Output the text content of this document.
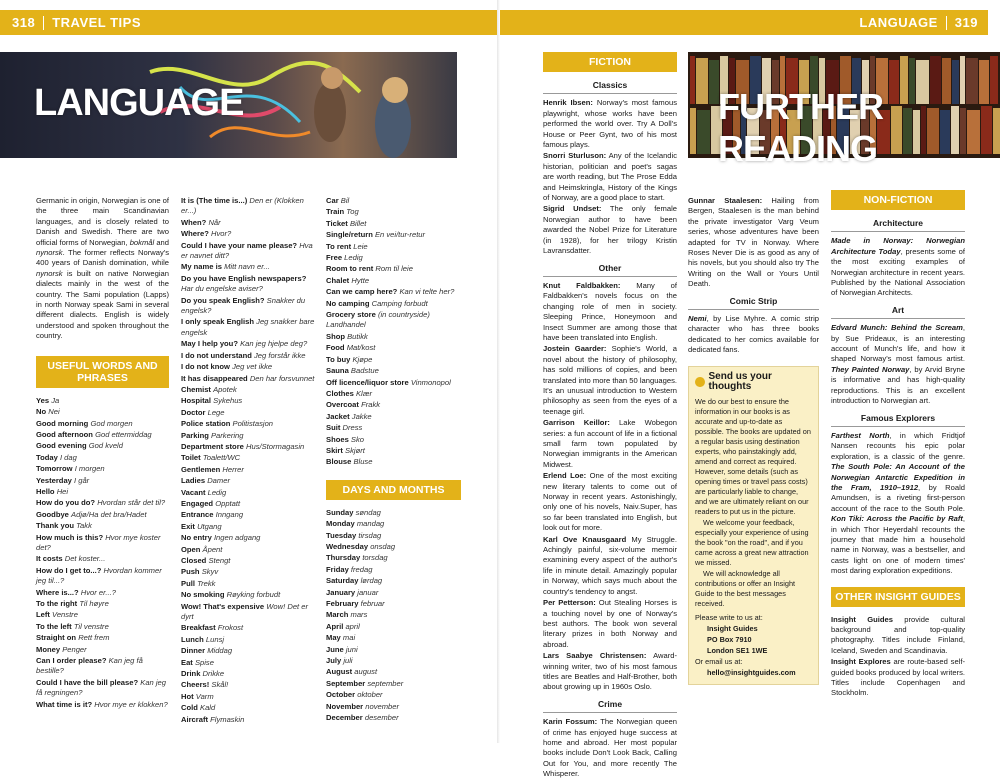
318 TRAVEL TIPS
LANGUAGE

Germanic in origin, Norwegian is one of the three main Scandinavian languages, and is closely related to Danish and Swedish. There are two official forms of Norwegian, bokmål and nynorsk. The former reflects Norway's 400 years of Danish domination, while nynorsk is built on native Norwegian dialects mainly in the west of the country. The Sami population (Lapps) in north Norway speak Sami in several different dialects. English is widely understood and spoken throughout the country.

USEFUL WORDS AND PHRASES

Yes Ja

No Nei

Good morning God morgen

Good afternoon God ettermiddag

Good evening God kveld

Today I dag

Tomorrow I morgen

Yesterday I går

Hello Hei

How do you do? Hvordan står det til?

Goodbye Adjø/Ha det bra/Hadet

Thank you Takk

How much is this? Hvor mye koster det?

It costs Det koster...

How do I get to...? Hvordan kommer jeg til...?

Where is...? Hvor er...?

To the right Til høyre

Left Venstre

To the left Til venstre

Straight on Rett frem

Money Penger

Can I order please? Kan jeg få bestille?

Could I have the bill please? Kan jeg få regningen?

What time is it? Hvor mye er klokken?

It is (The time is...) Den er (Klokken er...)

When? Når

Where? Hvor?

Could I have your name please? Hva er navnet ditt?

My name is Mitt navn er...

Do you have English newspapers? Har du engelske aviser?

Do you speak English? Snakker du engelsk?

I only speak English Jeg snakker bare engelsk

May I help you? Kan jeg hjelpe deg?

I do not understand Jeg forstår ikke

I do not know Jeg vet ikke

It has disappeared Den har forsvunnet

Chemist Apotek

Hospital Sykehus

Doctor Lege

Police station Politistasjon

Parking Parkering

Department store Hus/Stormagasin

Toilet Toalett/WC

Gentlemen Herrer

Ladies Damer

Vacant Ledig

Engaged Opptatt

Entrance Inngang

Exit Utgang

No entry Ingen adgang

Open Åpent

Closed Stengt

Push Skyv

Pull Trekk

No smoking Røyking forbudt

Wow! That's expensive Wow! Det er dyrt

Breakfast Frokost

Lunch Lunsj

Dinner Middag

Eat Spise

Drink Drikke

Cheers! Skål!

Hot Varm

Cold Kald

Aircraft Flymaskin

Car Bil

Train Tog

Ticket Billet

Single/return En vei/tur-retur

To rent Leie

Free Ledig

Room to rent Rom til leie

Chalet Hytte

Can we camp here? Kan vi telte her?

No camping Camping forbudt

Grocery store (in countryside) Landhandel

Shop Butikk

Food Mat/kost

To buy Kjøpe

Sauna Badstue

Off licence/liquor store Vinmonopol

Clothes Klær

Overcoat Frakk

Jacket Jakke

Suit Dress

Shoes Sko

Skirt Skjørt

Blouse Bluse

DAYS AND MONTHS

Sunday søndag

Monday mandag

Tuesday tirsdag

Wednesday onsdag

Thursday torsdag

Friday fredag

Saturday lørdag

January januar

February februar

March mars

April april

May mai

June juni

July juli

August august

September september

October oktober

November november

December desember

LANGUAGE 319
FICTION
Classics

Henrik Ibsen: Norway's most famous playwright, whose works have been performed the world over. Try A Doll's House or Peer Gynt, two of his most famous plays.

Snorri Sturluson: Any of the Icelandic historian, politician and poet's sagas are worth reading, but The Prose Edda and Heimskringla, History of the Kings of Norway, are a good place to start.

Sigrid Undset: The only female Norwegian author to have been awarded the Nobel Prize for Literature (in 1928), for her trilogy Kristin Lavransdatter.

Other

Knut Faldbakken: Many of Faldbakken's novels focus on the changing role of men in society. Sleeping Prince, Honeymoon and Insect Summer are among those that have been translated into English.

Jostein Gaarder: Sophie's World, a novel about the history of philosophy, has sold millions of copies, and been translated into more than 50 languages. It's an unusual introduction to Western philosophy as seen from the eyes of a teenage girl.

Garrison Keillor: Lake Wobegon series: a fun account of life in a fictional small farm town populated by Norwegian immigrants in the American Midwest.

Erlend Loe: One of the most exciting new literary talents to come out of Norway in recent years. Astonishingly, only one of his novels, Naiv.Super, has so far been translated into English, but look out for more.

Karl Ove Knausgaard My Struggle. Achingly painful, six-volume memoir examining every aspect of the author's life in minute detail. Amazingly popular in Norway, which says much about the country's tendency to angst.

Per Petterson: Out Stealing Horses is a touching novel by one of Norway's best authors. The book won several literary prizes in both Norway and abroad.

Lars Saabye Christensen: Award-winning writer, two of his most famous titles are Beatles and Half-Brother, both about growing up in 1960s Oslo.

Crime

Karin Fossum: The Norwegian queen of crime has enjoyed huge success at home and abroad. Her most popular books include Don't Look Back, Calling Out for You, and more recently The Whisperer.

FURTHER READING

Gunnar Staalesen: Hailing from Bergen, Staalesen is the man behind the private investigator Varg Veum series, whose adventures have been adapted for TV in Norway. Where Roses Never Die is as good as any of his novels, but you should also try The Writing on the Wall or Yours Until Death.

Comic Strip

Nemi, by Lise Myhre. A comic strip character who has three books dedicated to her comics available for dedicated fans.

Send us your thoughts

We do our best to ensure the information in our books is as accurate and up-to-date as possible. The books are updated on a regular basis using destination experts, who painstakingly add, amend and correct as required. However, some details (such as opening times or travel pass costs) are particularly liable to change, and we are ultimately reliant on our readers to put us in the picture.

We welcome your feedback, especially your experience of using the book "on the road", and if you came across a great new attraction we missed.

We will acknowledge all contributions or offer an Insight Guide to the best messages received.

Please write to us at:

Insight Guides

PO Box 7910

London SE1 1WE

Or email us at:

hello@insightguides.com

NON-FICTION
Architecture

Made in Norway: Norwegian Architecture Today, presents some of the most exciting examples of Norwegian architecture in recent years. Published by the National Association of Norwegian Architects.

Art

Edvard Munch: Behind the Scream, by Sue Prideaux, is an interesting account of Munch's life, and how it shaped Norway's most famous artist. They Painted Norway, by Arvid Bryne is informative and has high-quality reproductions. This is an excellent introduction to Norwegian art.

Famous Explorers

Farthest North, in which Fridtjof Nansen recounts his epic polar exploration, is a classic of the genre. The South Pole: An Account of the Norwegian Antarctic Expedition in the Fram, 1910–1912, by Roald Amundsen, is a riveting first-person account of the race to the South Pole. Kon Tiki: Across the Pacific by Raft, in which Thor Heyerdahl recounts the journey that made him a household name in Norway, was a bestseller, and casts light on one of modern times' most daring exploration expeditions.

OTHER INSIGHT GUIDES

Insight Guides provide cultural background and top-quality photography. Titles include Finland, Iceland, Sweden and Scandinavia.

Insight Explores are route-based self-guided books produced by local writers. Titles include Copenhagen and Stockholm.
